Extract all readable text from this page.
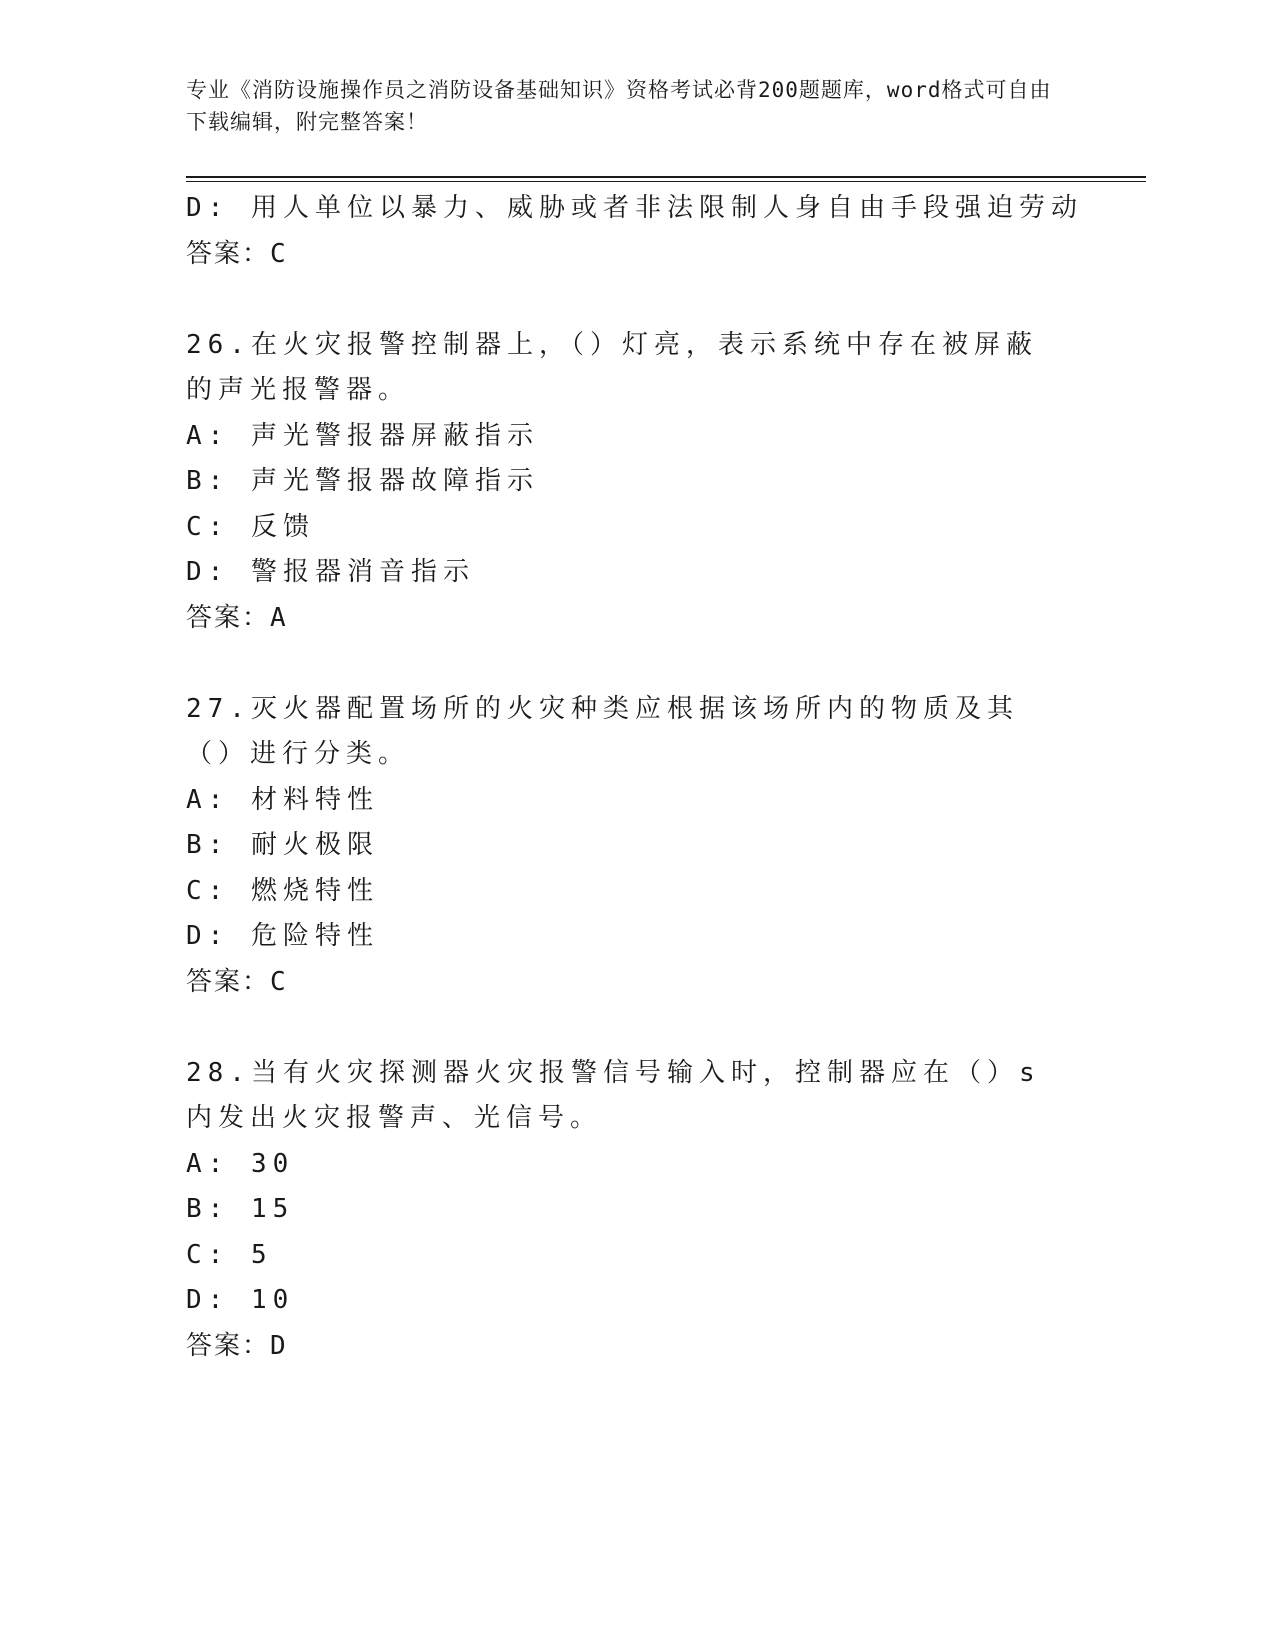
专业《消防设施操作员之消防设备基础知识》资格考试必背200题题库，word格式可自由下载编辑，附完整答案！
D: 用人单位以暴力、威胁或者非法限制人身自由手段强迫劳动
答案：C
26.在火灾报警控制器上，（）灯亮，表示系统中存在被屏蔽的声光报警器。
A: 声光警报器屏蔽指示
B: 声光警报器故障指示
C: 反馈
D: 警报器消音指示
答案：A
27.灭火器配置场所的火灾种类应根据该场所内的物质及其（）进行分类。
A: 材料特性
B: 耐火极限
C: 燃烧特性
D: 危险特性
答案：C
28.当有火灾探测器火灾报警信号输入时，控制器应在（）s内发出火灾报警声、光信号。
A: 30
B: 15
C: 5
D: 10
答案：D
